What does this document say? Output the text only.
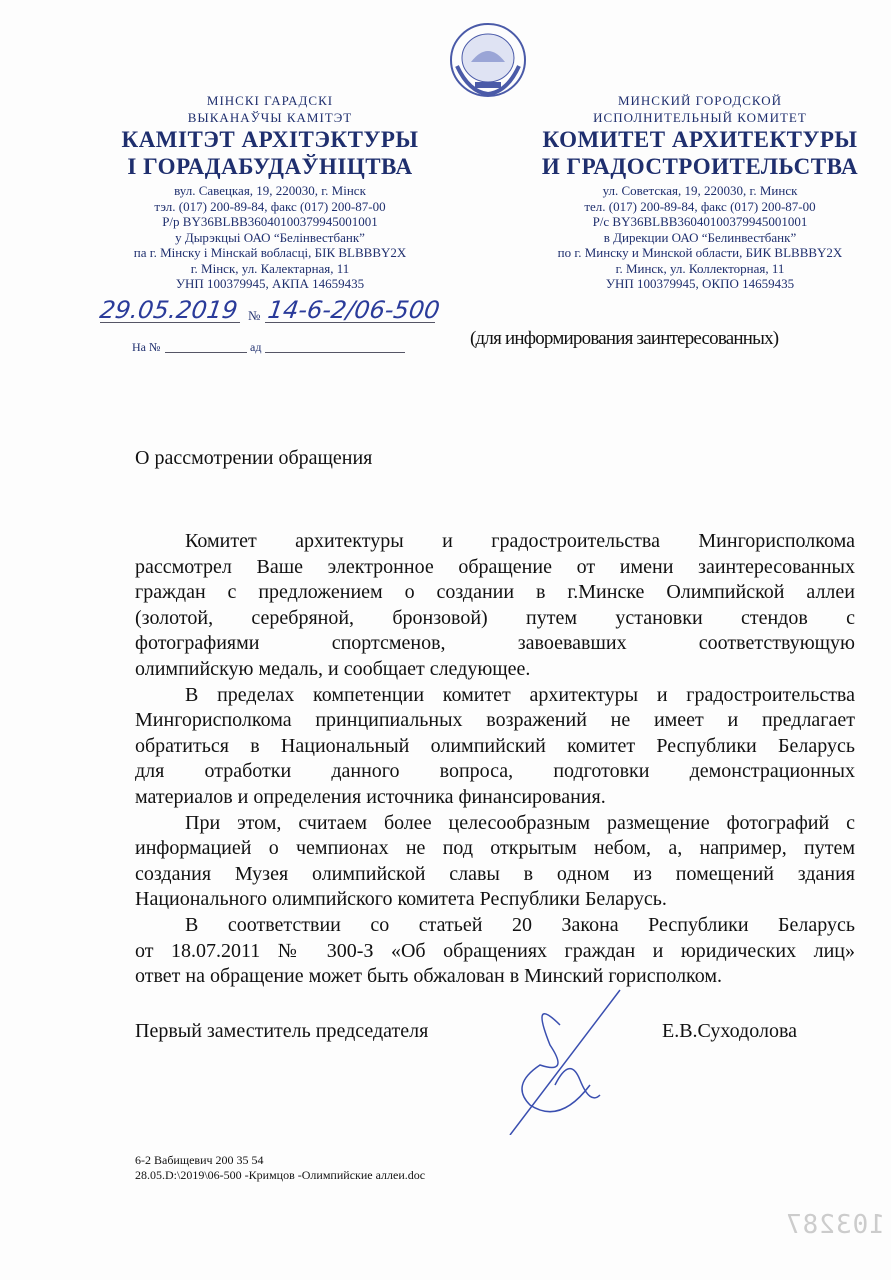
МІНСКІ ГАРАДСКІ
ВЫКАНАЎЧЫ КАМІТЭТ
КАМІТЭТ АРХІТЭКТУРЫ
І ГОРАДАБУДАЎНІЦТВА
вул. Савецкая, 19, 220030, г. Мінск
тэл. (017) 200-89-84, факс (017) 200-87-00
Р/р BY36BLBB36040100379945001001
у Дырэкцыі ОАО “Белінвестбанк”
па г. Мінску і Мінскай вобласці, БІК BLBBBY2X
г. Мінск, ул. Калектарная, 11
УНП 100379945, АКПА 14659435
МИНСКИЙ ГОРОДСКОЙ
ИСПОЛНИТЕЛЬНЫЙ КОМИТЕТ
КОМИТЕТ АРХИТЕКТУРЫ
И ГРАДОСТРОИТЕЛЬСТВА
ул. Советская, 19, 220030, г. Минск
тел. (017) 200-89-84, факс (017) 200-87-00
Р/с BY36BLBB36040100379945001001
в Дирекции ОАО “Белинвестбанк”
по г. Минску и Минской области, БИК BLBBBY2X
г. Минск, ул. Коллекторная, 11
УНП 100379945, ОКПО 14659435
29.05.2019 № 14-6-2/06-500
На №	ад	(для информирования заинтересованных)
О рассмотрении обращения
Комитет архитектуры и градостроительства Мингорисполкома
рассмотрел Ваше электронное обращение от имени заинтересованных
граждан с предложением о создании в г.Минске Олимпийской аллеи
(золотой, серебряной, бронзовой) путем установки стендов с
фотографиями спортсменов, завоевавших соответствующую
олимпийскую медаль, и сообщает следующее.
В пределах компетенции комитет архитектуры и градостроительства
Мингорисполкома принципиальных возражений не имеет и предлагает
обратиться в Национальный олимпийский комитет Республики Беларусь
для отработки данного вопроса, подготовки демонстрационных
материалов и определения источника финансирования.
При этом, считаем более целесообразным размещение фотографий с
информацией о чемпионах не под открытым небом, а, например, путем
создания Музея олимпийской славы в одном из помещений здания
Национального олимпийского комитета Республики Беларусь.
В соответствии со статьей 20 Закона Республики Беларусь
от 18.07.2011 № 300-З «Об обращениях граждан и юридических лиц»
ответ на обращение может быть обжалован в Минский горисполком.
Первый заместитель председателя	Е.В.Суходолова
6-2 Вабищевич 200 35 54
28.05.D:\2019\06-500 -Кримцов -Олимпийские аллеи.doc
103287
